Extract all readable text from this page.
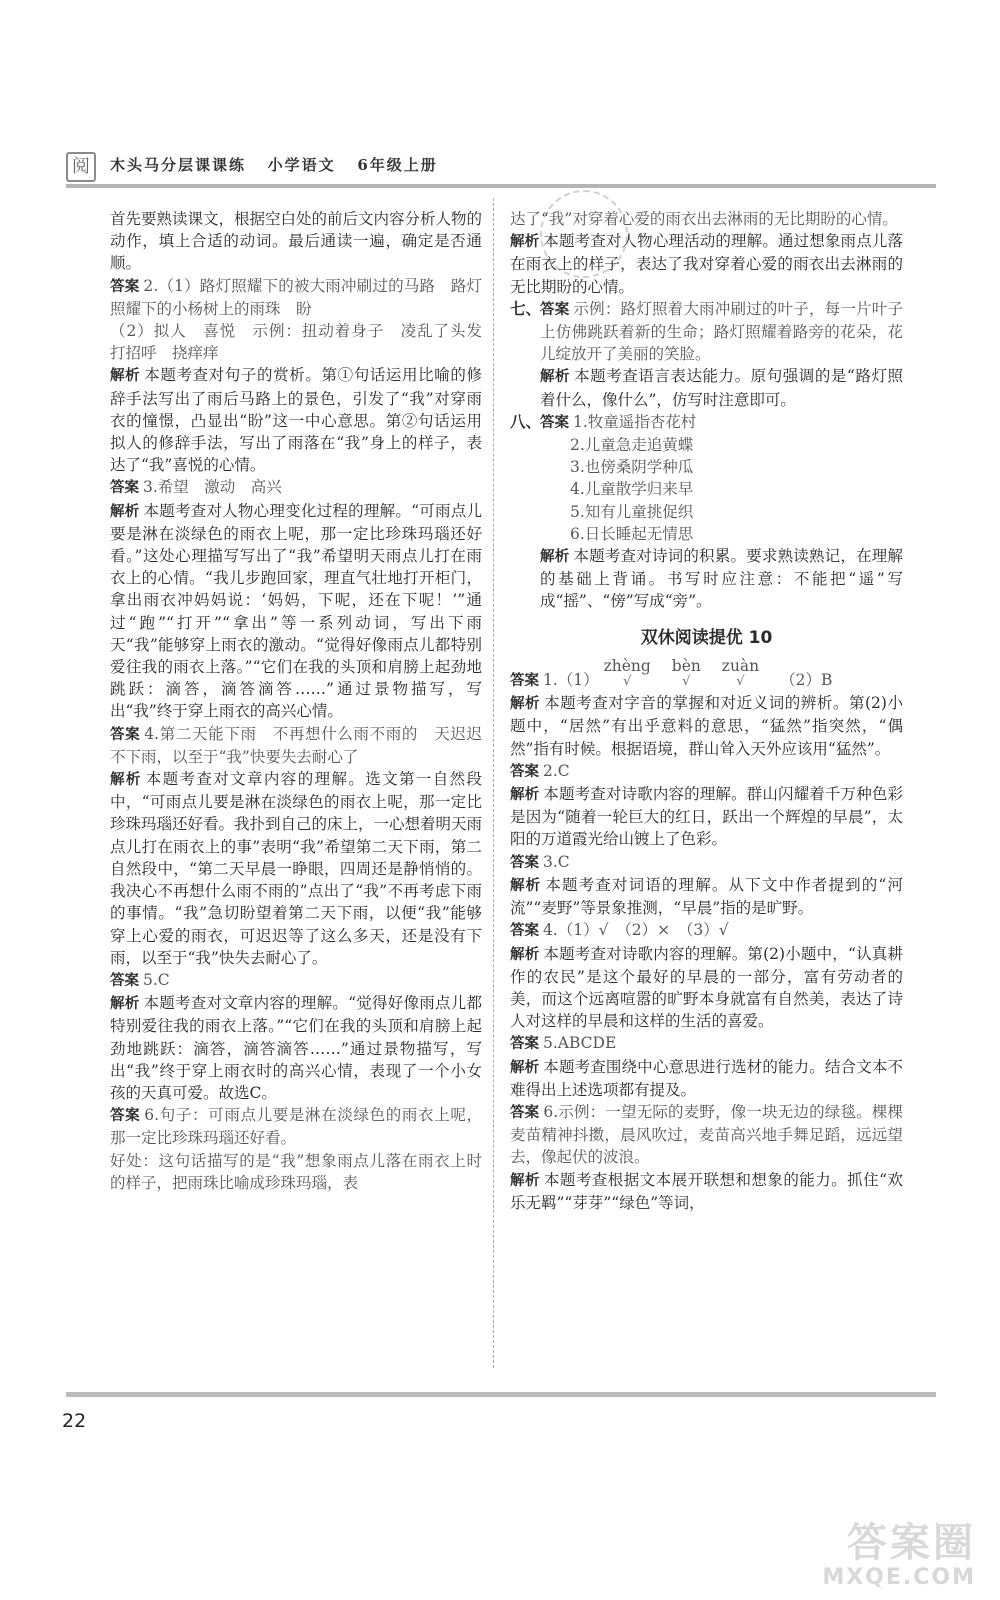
阅	木头马分层课课练   小学语文   6年级上册

首先要熟读课文，根据空白处的前后文内容分析人物的动作，填上合适的动词。最后通读一遍，确定是否通顺。

答案 2.（1）路灯照耀下的被大雨冲刷过的马路　路灯照耀下的小杨树上的雨珠　盼

（2）拟人　喜悦　示例：扭动着身子　凌乱了头发　打招呼　挠痒痒

解析 本题考查对句子的赏析。第①句话运用比喻的修辞手法写出了雨后马路上的景色，引发了“我”对穿雨衣的憧憬，凸显出“盼”这一中心意思。第②句话运用拟人的修辞手法，写出了雨落在“我”身上的样子，表达了“我”喜悦的心情。

答案 3.希望　激动　高兴

解析 本题考查对人物心理变化过程的理解。“可雨点儿要是淋在淡绿色的雨衣上呢，那一定比珍珠玛瑙还好看。”这处心理描写写出了“我”希望明天雨点儿打在雨衣上的心情。“我儿步跑回家，理直气壮地打开柜门，拿出雨衣冲妈妈说：‘妈妈，下呢，还在下呢！’”通过“跑”“打开”“拿出”等一系列动词，写出下雨天“我”能够穿上雨衣的激动。“觉得好像雨点儿都特别爱往我的雨衣上落。”“它们在我的头顶和肩膀上起劲地跳跃：滴答，滴答滴答……”通过景物描写，写出“我”终于穿上雨衣的高兴心情。

答案 4.第二天能下雨　不再想什么雨不雨的　天迟迟不下雨，以至于“我”快要失去耐心了

解析 本题考查对文章内容的理解。选文第一自然段中，“可雨点儿要是淋在淡绿色的雨衣上呢，那一定比珍珠玛瑙还好看。我扑到自己的床上，一心想着明天雨点儿打在雨衣上的事”表明“我”希望第二天下雨，第二自然段中，“第二天早晨一睁眼，四周还是静悄悄的。我决心不再想什么雨不雨的”点出了“我”不再考虑下雨的事情。“我”急切盼望着第二天下雨，以便“我”能够穿上心爱的雨衣，可迟迟等了这么多天，还是没有下雨，以至于“我”快失去耐心了。

答案 5.C

解析 本题考查对文章内容的理解。“觉得好像雨点儿都特别爱往我的雨衣上落。”“它们在我的头顶和肩膀上起劲地跳跃：滴答，滴答滴答……”通过景物描写，写出“我”终于穿上雨衣时的高兴心情，表现了一个小女孩的天真可爱。故选C。

答案 6.句子：可雨点儿要是淋在淡绿色的雨衣上呢，那一定比珍珠玛瑙还好看。

好处：这句话描写的是“我”想象雨点儿落在雨衣上时的样子，把雨珠比喻成珍珠玛瑙，表

达了“我”对穿着心爱的雨衣出去淋雨的无比期盼的心情。

解析 本题考查对人物心理活动的理解。通过想象雨点儿落在雨衣上的样子，表达了我对穿着心爱的雨衣出去淋雨的无比期盼的心情。

七、

答案 示例：路灯照着大雨冲刷过的叶子，每一片叶子上仿佛跳跃着新的生命；路灯照耀着路旁的花朵，花儿绽放开了美丽的笑脸。

解析 本题考查语言表达能力。原句强调的是“路灯照着什么，像什么”，仿写时注意即可。

八、

答案 1.牧童遥指杏花村

2.儿童急走追黄蝶

3.也傍桑阴学种瓜

4.儿童散学归来早

5.知有儿童挑促织

6.日长睡起无情思

解析 本题考查对诗词的积累。要求熟读熟记，在理解的基础上背诵。书写时应注意：不能把“遥”写成“摇”、“傍”写成“旁”。

双休阅读提优 10

答案 1.（1）
zhèng
√

bèn
√

zuàn
√	（2）B

解析 本题考查对字音的掌握和对近义词的辨析。第(2)小题中，“居然”有出乎意料的意思，“猛然”指突然，“偶然”指有时候。根据语境，群山耸入天外应该用“猛然”。

答案 2.C

解析 本题考查对诗歌内容的理解。群山闪耀着千万种色彩是因为“随着一轮巨大的红日，跃出一个辉煌的早晨”，太阳的万道霞光给山镀上了色彩。

答案 3.C

解析 本题考查对词语的理解。从下文中作者提到的“河流”“麦野”等景象推测，“早晨”指的是旷野。

答案 4.（1）√　（2）×　（3）√

解析 本题考查对诗歌内容的理解。第(2)小题中，“认真耕作的农民”是这个最好的早晨的一部分，富有劳动者的美，而这个远离喧嚣的旷野本身就富有自然美，表达了诗人对这样的早晨和这样的生活的喜爱。

答案 5.ABCDE

解析 本题考查围绕中心意思进行选材的能力。结合文本不难得出上述选项都有提及。

答案 6.示例：一望无际的麦野，像一块无边的绿毯。棵棵麦苗精神抖擞，晨风吹过，麦苗高兴地手舞足蹈，远远望去，像起伏的波浪。

解析 本题考查根据文本展开联想和想象的能力。抓住“欢乐无羁”“芽芽”“绿色”等词，

22
答案圈
MXQE.COM
